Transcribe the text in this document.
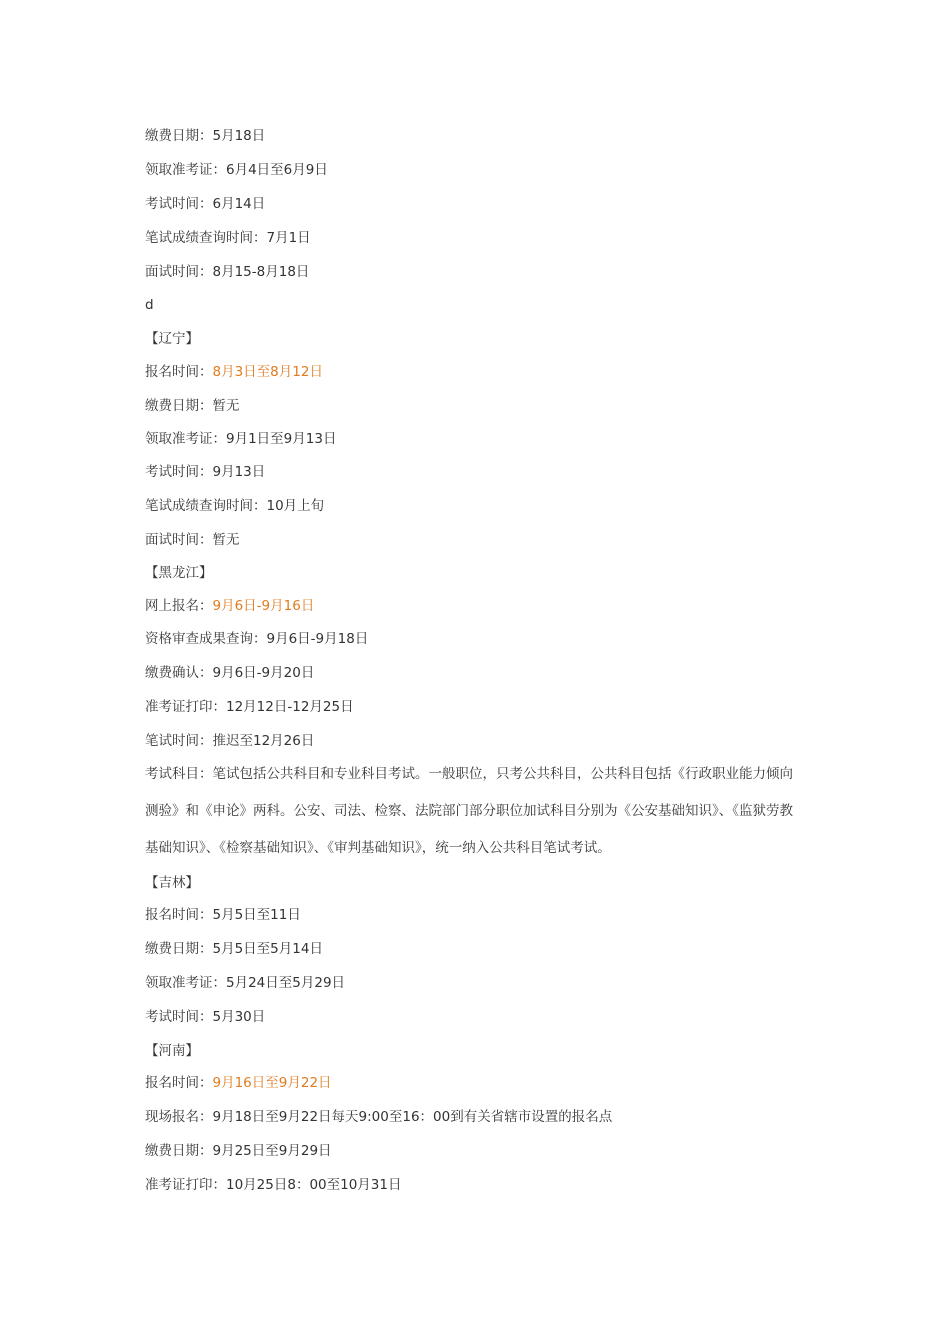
缴费日期：5月18日
领取准考证：6月4日至6月9日
考试时间：6月14日
笔试成绩查询时间：7月1日
面试时间：8月15-8月18日
d
【辽宁】
报名时间：8月3日至8月12日
缴费日期：暂无
领取准考证：9月1日至9月13日
考试时间：9月13日
笔试成绩查询时间：10月上旬
面试时间：暂无
【黑龙江】
网上报名：9月6日-9月16日
资格审查成果查询：9月6日-9月18日
缴费确认：9月6日-9月20日
准考证打印：12月12日-12月25日
笔试时间：推迟至12月26日
考试科目：笔试包括公共科目和专业科目考试。一般职位，只考公共科目，公共科目包括《行政职业能力倾向测验》和《申论》两科。公安、司法、检察、法院部门部分职位加试科目分别为《公安基础知识》、《监狱劳教基础知识》、《检察基础知识》、《审判基础知识》，统一纳入公共科目笔试考试。
【吉林】
报名时间：5月5日至11日
缴费日期：5月5日至5月14日
领取准考证：5月24日至5月29日
考试时间：5月30日
【河南】
报名时间：9月16日至9月22日
现场报名：9月18日至9月22日每天9:00至16：00到有关省辖市设置的报名点
缴费日期：9月25日至9月29日
准考证打印：10月25日8：00至10月31日
